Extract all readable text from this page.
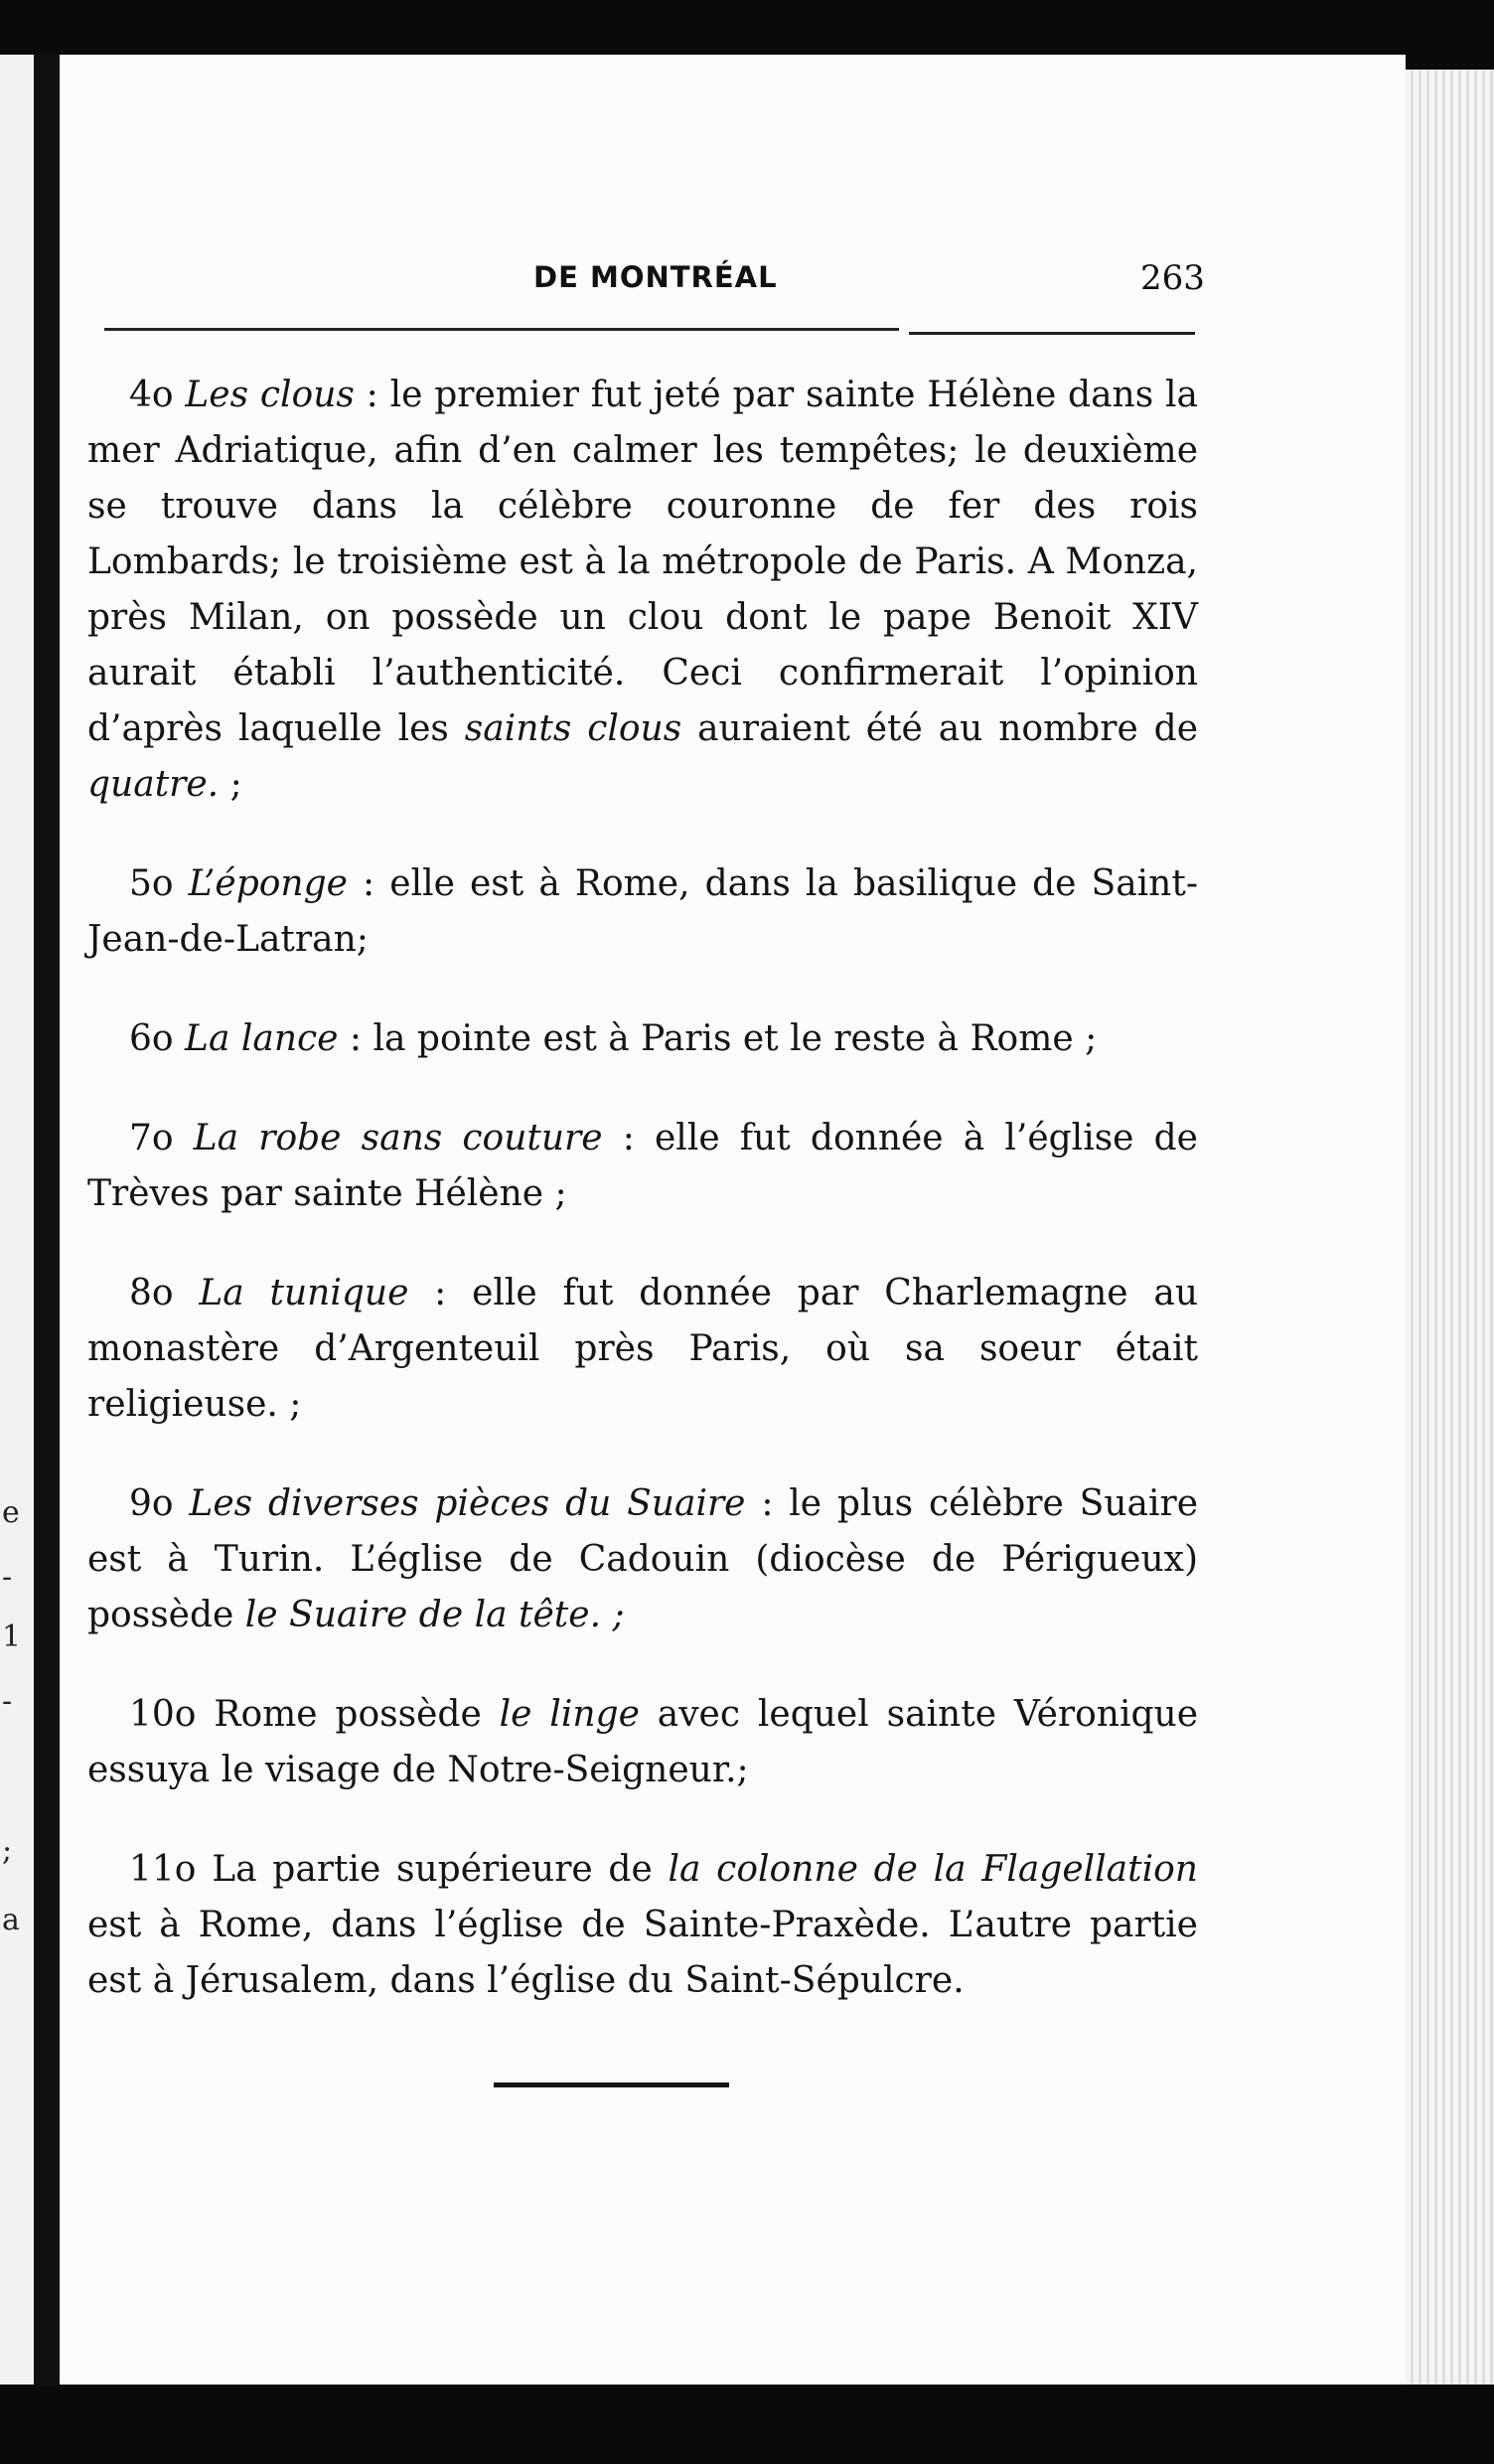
e
-
1
-
;
a
DE MONTRÉAL	263

4o Les clous : le premier fut jeté par sainte Hélène dans la mer Adriatique, afin d’en calmer les tempêtes; le deuxième se trouve dans la célèbre couronne de fer des rois Lombards; le troisième est à la métropole de Paris. A Monza, près Milan, on possède un clou dont le pape Benoit XIV aurait établi l’authenticité. Ceci confirmerait l’opinion d’après laquelle les saints clous auraient été au nombre de quatre. ;

5o L’éponge : elle est à Rome, dans la basilique de Saint-Jean-de-Latran;

6o La lance : la pointe est à Paris et le reste à Rome ;

7o La robe sans couture : elle fut donnée à l’église de Trèves par sainte Hélène ;

8o La tunique : elle fut donnée par Charlemagne au monastère d’Argenteuil près Paris, où sa soeur était religieuse. ;

9o Les diverses pièces du Suaire : le plus célèbre Suaire est à Turin. L’église de Cadouin (diocèse de Périgueux) possède le Suaire de la tête. ;

10o Rome possède le linge avec lequel sainte Véronique essuya le visage de Notre-Seigneur.;

11o La partie supérieure de la colonne de la Flagellation est à Rome, dans l’église de Sainte-Praxède. L’autre partie est à Jérusalem, dans l’église du Saint-Sépulcre.
